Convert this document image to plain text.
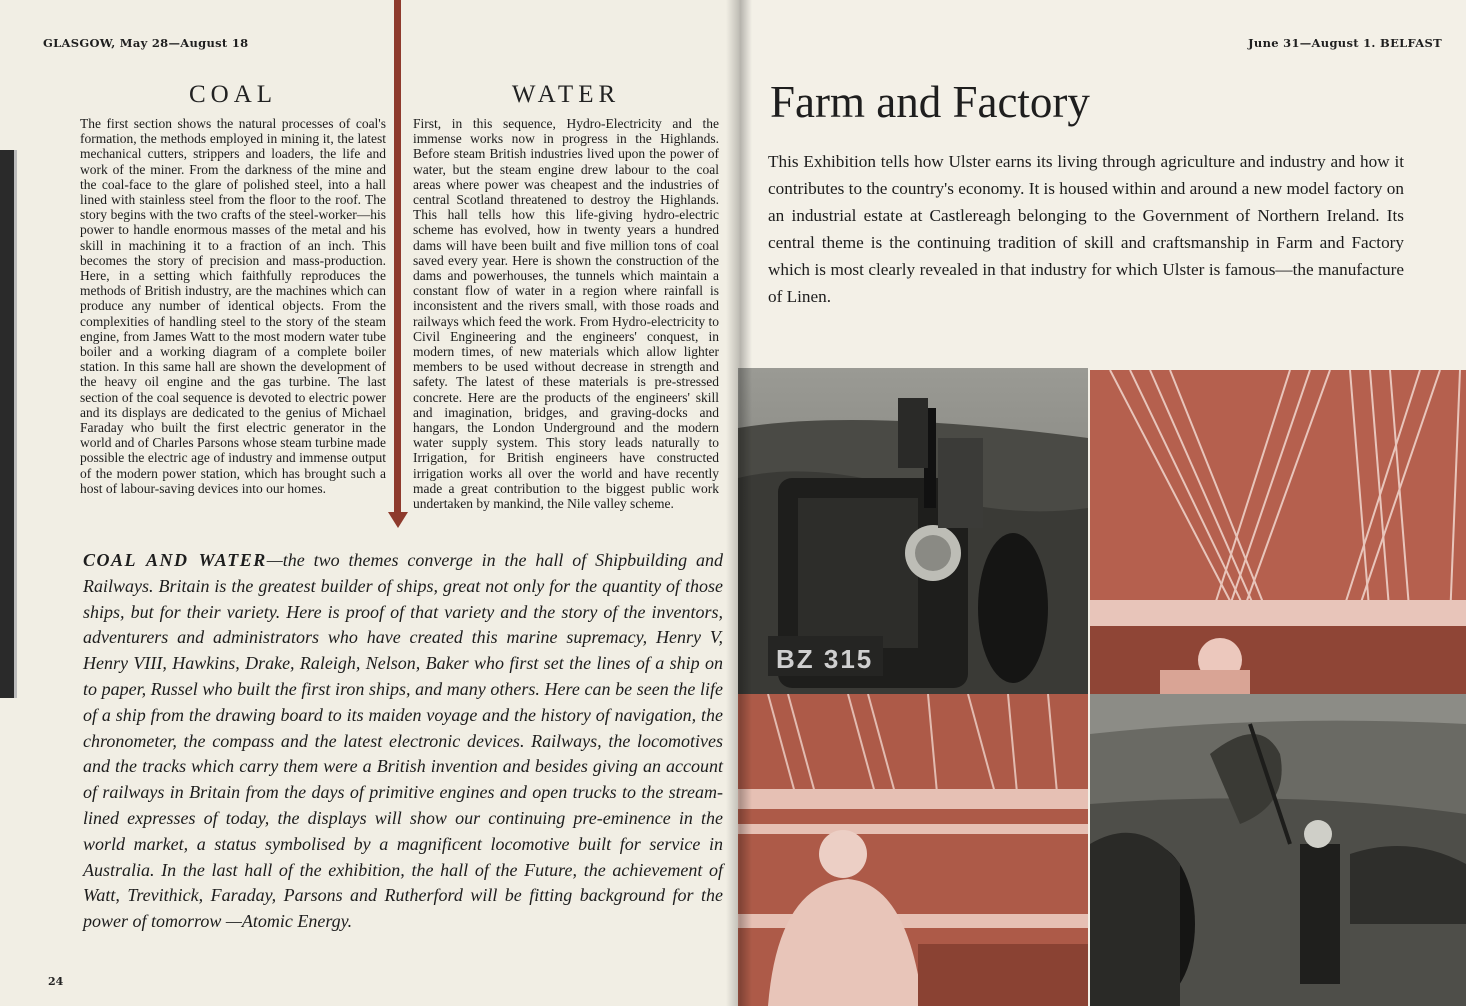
GLASGOW, May 28—August 18
COAL

The first section shows the natural processes of coal's formation, the methods employed in mining it, the latest mechanical cutters, strippers and loaders, the life and work of the miner. From the darkness of the mine and the coal-face to the glare of polished steel, into a hall lined with stainless steel from the floor to the roof. The story begins with the two crafts of the steel-worker—his power to handle enormous masses of the metal and his skill in machining it to a fraction of an inch. This becomes the story of precision and mass-production. Here, in a setting which faithfully reproduces the methods of British industry, are the machines which can produce any number of identical objects. From the complexities of handling steel to the story of the steam engine, from James Watt to the most modern water tube boiler and a working diagram of a complete boiler station. In this same hall are shown the development of the heavy oil engine and the gas turbine. The last section of the coal sequence is devoted to electric power and its displays are dedicated to the genius of Michael Faraday who built the first electric generator in the world and of Charles Parsons whose steam turbine made possible the electric age of industry and immense output of the modern power station, which has brought such a host of labour-saving devices into our homes.

WATER

First, in this sequence, Hydro-Electricity and the immense works now in progress in the Highlands. Before steam British industries lived upon the power of water, but the steam engine drew labour to the coal areas where power was cheapest and the industries of central Scotland threatened to destroy the Highlands. This hall tells how this life-giving hydro-electric scheme has evolved, how in twenty years a hundred dams will have been built and five million tons of coal saved every year. Here is shown the construction of the dams and powerhouses, the tunnels which maintain a constant flow of water in a region where rainfall is inconsistent and the rivers small, with those roads and railways which feed the work. From Hydro-electricity to Civil Engineering and the engineers' conquest, in modern times, of new materials which allow lighter members to be used without decrease in strength and safety. The latest of these materials is pre-stressed concrete. Here are the products of the engineers' skill and imagination, bridges, and graving-docks and hangars, the London Underground and the modern water supply system. This story leads naturally to Irrigation, for British engineers have constructed irrigation works all over the world and have recently made a great contribution to the biggest public work undertaken by mankind, the Nile valley scheme.

COAL AND WATER—the two themes converge in the hall of Shipbuilding and Railways. Britain is the greatest builder of ships, great not only for the quantity of those ships, but for their variety. Here is proof of that variety and the story of the inventors, adventurers and administrators who have created this marine supremacy, Henry V, Henry VIII, Hawkins, Drake, Raleigh, Nelson, Baker who first set the lines of a ship on to paper, Russel who built the first iron ships, and many others. Here can be seen the life of a ship from the drawing board to its maiden voyage and the history of navigation, the chronometer, the compass and the latest electronic devices. Railways, the locomotives and the tracks which carry them were a British invention and besides giving an account of railways in Britain from the days of primitive engines and open trucks to the stream-lined expresses of today, the displays will show our continuing pre-eminence in the world market, a status symbolised by a magnificent locomotive built for service in Australia. In the last hall of the exhibition, the hall of the Future, the achievement of Watt, Trevithick, Faraday, Parsons and Rutherford will be fitting background for the power of tomorrow —Atomic Energy.

24
June 31—August 1. BELFAST
Farm and Factory

This Exhibition tells how Ulster earns its living through agriculture and industry and how it contributes to the country's economy. It is housed within and around a new model factory on an industrial estate at Castlereagh belonging to the Government of Northern Ireland. Its central theme is the continuing tradition of skill and craftsmanship in Farm and Factory which is most clearly revealed in that industry for which Ulster is famous—the manufacture of Linen.

BZ 315
